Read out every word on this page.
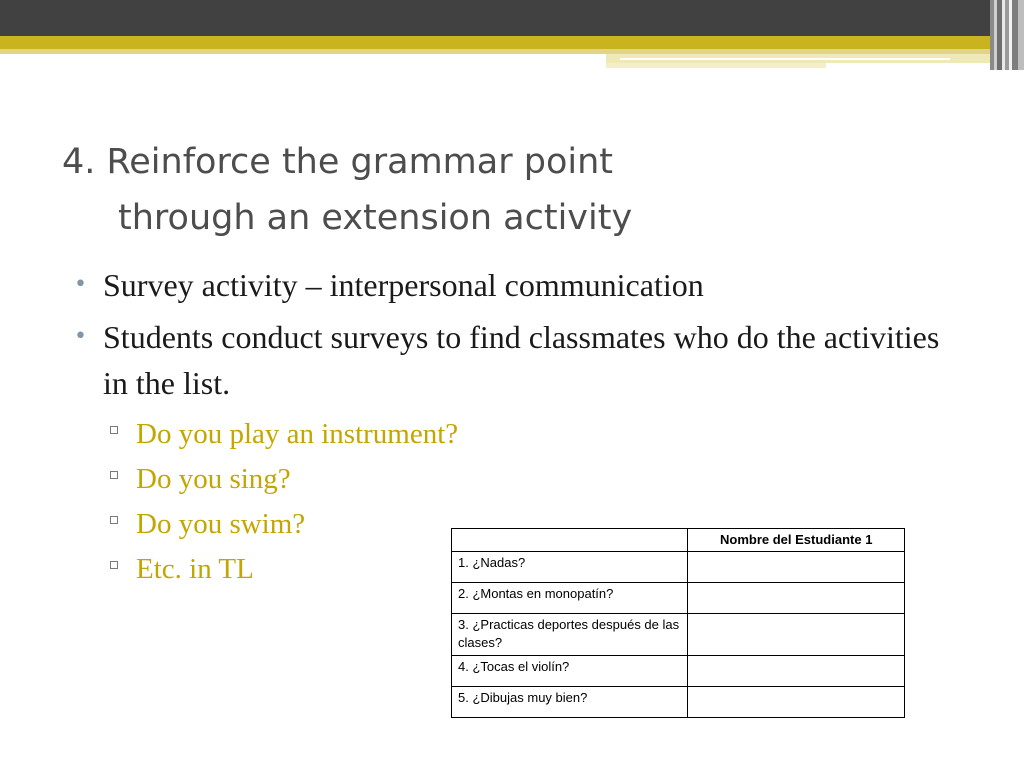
4. Reinforce the grammar point
through an extension activity
• Survey activity – interpersonal communication
• Students conduct surveys to find classmates who do the activities in the list.
Do you play an instrument?
Do you sing?
Do you swim?
Etc. in TL
	Nombre del Estudiante 1
1. ¿Nadas?	
2. ¿Montas en monopatín?	
3. ¿Practicas deportes después de las clases?	
4. ¿Tocas el violín?	
5. ¿Dibujas muy bien?	
